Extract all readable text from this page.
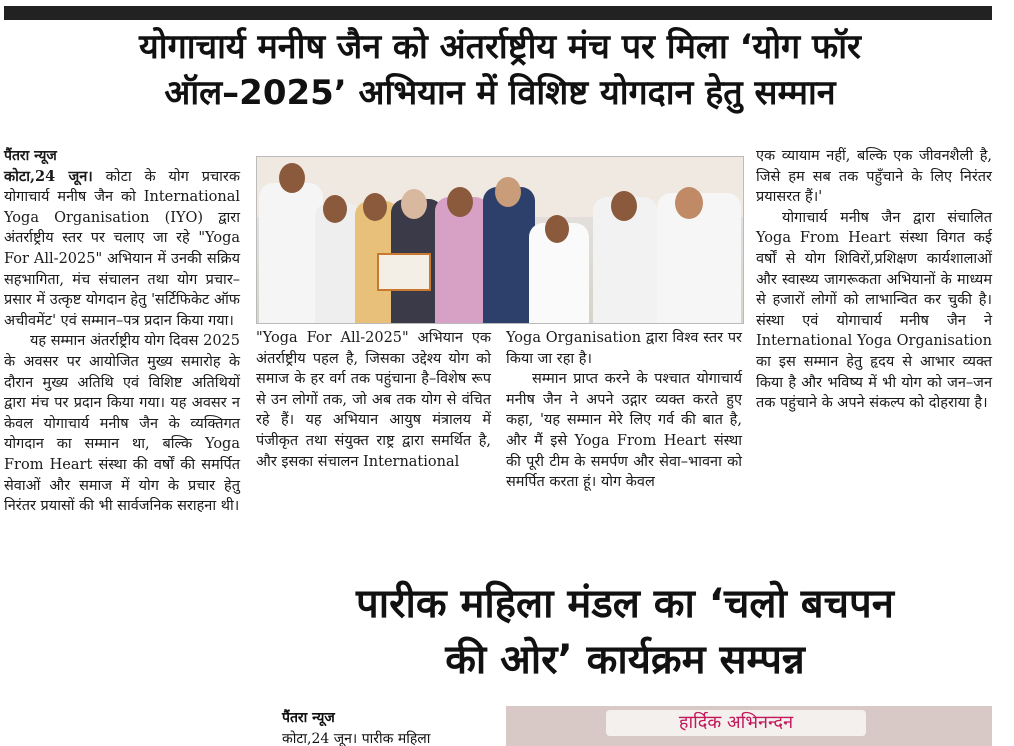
योगाचार्य मनीष जैन को अंतर्राष्ट्रीय मंच पर मिला ‘योग फॉर
ऑल–2025’ अभियान में विशिष्ट योगदान हेतु सम्मान
पैंतरा न्यूज

कोटा,24 जून। कोटा के योग प्रचारक योगाचार्य मनीष जैन को International Yoga Organisation (IYO) द्वारा अंतर्राष्ट्रीय स्तर पर चलाए जा रहे "Yoga For All-2025" अभियान में उनकी सक्रिय सहभागिता, मंच संचालन तथा योग प्रचार–प्रसार में उत्कृष्ट योगदान हेतु 'सर्टिफिकेट ऑफ अचीवमेंट' एवं सम्मान–पत्र प्रदान किया गया।

यह सम्मान अंतर्राष्ट्रीय योग दिवस 2025 के अवसर पर आयोजित मुख्य समारोह के दौरान मुख्य अतिथि एवं विशिष्ट अतिथियों द्वारा मंच पर प्रदान किया गया। यह अवसर न केवल योगाचार्य मनीष जैन के व्यक्तिगत योगदान का सम्मान था, बल्कि Yoga From Heart संस्था की वर्षों की समर्पित सेवाओं और समाज में योग के प्रचार हेतु निरंतर प्रयासों की भी सार्वजनिक सराहना थी।

"Yoga For All-2025" अभियान एक अंतर्राष्ट्रीय पहल है, जिसका उद्देश्य योग को समाज के हर वर्ग तक पहुंचाना है–विशेष रूप से उन लोगों तक, जो अब तक योग से वंचित रहे हैं। यह अभियान आयुष मंत्रालय में पंजीकृत तथा संयुक्त राष्ट्र द्वारा समर्थित है, और इसका संचालन International

Yoga Organisation द्वारा विश्व स्तर पर किया जा रहा है।

सम्मान प्राप्त करने के पश्चात योगाचार्य मनीष जैन ने अपने उद्गार व्यक्त करते हुए कहा, 'यह सम्मान मेरे लिए गर्व की बात है, और मैं इसे Yoga From Heart संस्था की पूरी टीम के समर्पण और सेवा–भावना को समर्पित करता हूं। योग केवल

एक व्यायाम नहीं, बल्कि एक जीवनशैली है, जिसे हम सब तक पहुँचाने के लिए निरंतर प्रयासरत हैं।'

योगाचार्य मनीष जैन द्वारा संचालित Yoga From Heart संस्था विगत कई वर्षों से योग शिविरों,प्रशिक्षण कार्यशालाओं और स्वास्थ्य जागरूकता अभियानों के माध्यम से हजारों लोगों को लाभान्वित कर चुकी है। संस्था एवं योगाचार्य मनीष जैन ने International Yoga Organisation का इस सम्मान हेतु हृदय से आभार व्यक्त किया है और भविष्य में भी योग को जन–जन तक पहुंचाने के अपने संकल्प को दोहराया है।

पारीक महिला मंडल का ‘चलो बचपन
की ओर’ कार्यक्रम सम्पन्न
पैंतरा न्यूज
कोटा,24 जून। पारीक महिला
हार्दिक अभिनन्दन
